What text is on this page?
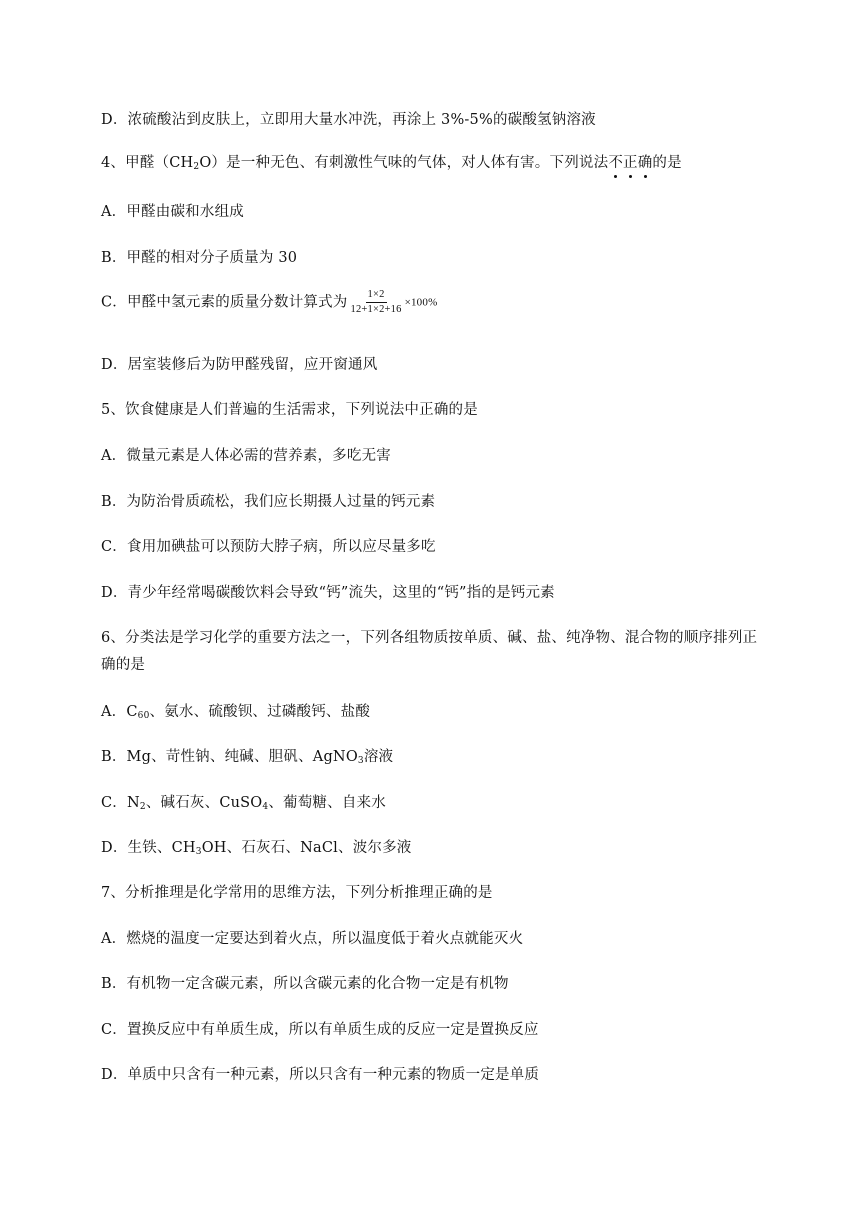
D．浓硫酸沾到皮肤上，立即用大量水冲洗，再涂上 3%-5%的碳酸氢钠溶液
4、甲醛$(CH_2O)$是一种无色、有刺激性气味的气体，对人体有害。下列说法不正确的是
A．甲醛由碳和水组成
B．甲醛的相对分子质量为 30
C．甲醛中氢元素的质量分数计算式为 $\frac{1\times 2}{12+1\times 2+16} \times 100\%$
D．居室装修后为防甲醛残留，应开窗通风
5、饮食健康是人们普遍的生活需求，下列说法中正确的是
A．微量元素是人体必需的营养素，多吃无害
B．为防治骨质疏松，我们应长期摄人过量的钙元素
C．食用加碘盐可以预防大脖子病，所以应尽量多吃
D．青少年经常喝碳酸饮料会导致“钙”流失，这里的“钙”指的是钙元素
6、分类法是学习化学的重要方法之一，下列各组物质按单质、碱、盐、纯净物、混合物的顺序排列正
确的是
A．$C_{60}$、氨水、硫酸钡、过磷酸钙、盐酸
B．Mg、苛性钠、纯碱、胆矾、AgNO$_3$溶液
C．$N_2$、碱石灰、CuSO$_4$、葡萄糖、自来水
D．生铁、$CH_3OH$、石灰石、NaCl、波尔多液
7、分析推理是化学常用的思维方法，下列分析推理正确的是
A．燃烧的温度一定要达到着火点，所以温度低于着火点就能灭火
B．有机物一定含碳元素，所以含碳元素的化合物一定是有机物
C．置换反应中有单质生成，所以有单质生成的反应一定是置换反应
D．单质中只含有一种元素，所以只含有一种元素的物质一定是单质
